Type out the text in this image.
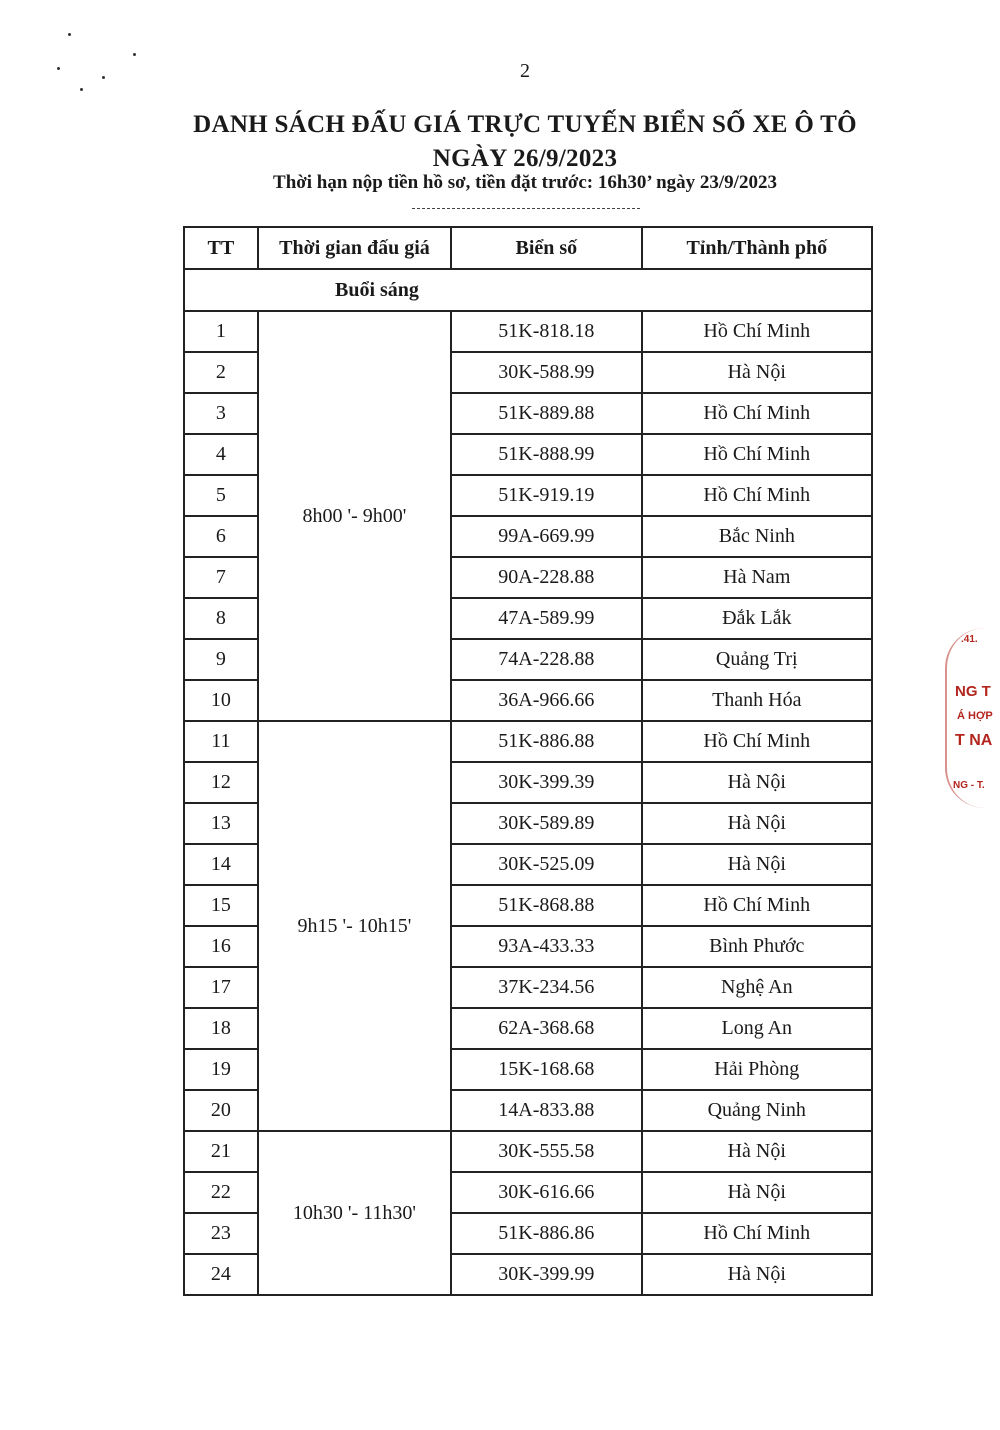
2
DANH SÁCH ĐẤU GIÁ TRỰC TUYẾN BIỂN SỐ XE Ô TÔ
NGÀY 26/9/2023
Thời hạn nộp tiền hồ sơ, tiền đặt trước: 16h30’ ngày 23/9/2023
TT	Thời gian đấu giá	Biển số	Tỉnh/Thành phố
Buổi sáng			
1	8h00 '- 9h00'	51K-818.18	Hồ Chí Minh
2		30K-588.99	Hà Nội
3		51K-889.88	Hồ Chí Minh
4		51K-888.99	Hồ Chí Minh
5		51K-919.19	Hồ Chí Minh
6		99A-669.99	Bắc Ninh
7		90A-228.88	Hà Nam
8		47A-589.99	Đắk Lắk
9		74A-228.88	Quảng Trị
10		36A-966.66	Thanh Hóa
11	9h15 '- 10h15'	51K-886.88	Hồ Chí Minh
12		30K-399.39	Hà Nội
13		30K-589.89	Hà Nội
14		30K-525.09	Hà Nội
15		51K-868.88	Hồ Chí Minh
16		93A-433.33	Bình Phước
17		37K-234.56	Nghệ An
18		62A-368.68	Long An
19		15K-168.68	Hải Phòng
20		14A-833.88	Quảng Ninh
21	10h30 '- 11h30'	30K-555.58	Hà Nội
22		30K-616.66	Hà Nội
23		51K-886.86	Hồ Chí Minh
24		30K-399.99	Hà Nội
.41.
NG T
Á HỢP
T NA
NG - T.
